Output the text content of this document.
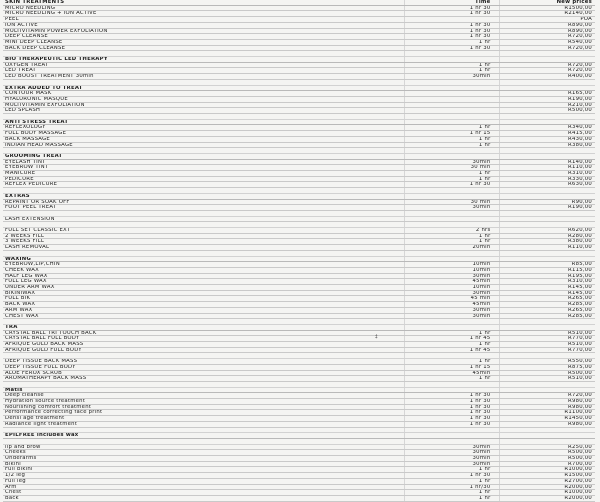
SKIN TREATMENTS	Time	New prices
MICRO NEEDLING	1 hr 30	R1500,00
MICRO NEEDLING + ION ACTIVE	1 hr 30	R2140,00
PEEL		POA
ION ACTIVE	1 hr 30	R890,00
MULTIVITAMIN POWER EXFOLIATION	1 hr 30	R890,00
DEEP CLEANSE	1 hr 30	R720,00
MINI DEEP CLEANSE	1 hr	R540,00
BACK DEEP CLEANSE	1 hr 30	R720,00

BIO THERAPEUTIC LED THERAPY		
OXYGEN TREAT	1 hr	R720,00
LED TREAT	1 hr	R720,00
LED BOOST TREATMENT 30min	30min	R400,00

EXTRA ADDED TO TREAT		
CONTOUR MASK		R165,00
HYALURONIC MASQUE		R190,00
MULTIVITAMIN EXFOLIATION		R210,00
LED SPLASH		R500,00

ANTI STRESS TREAT		
REFLEXOLOGY	1 hr	R340,00
FULL BODY MASSAGE	1 hr 15	R415,00
BACK MASSAGE	1 hr	R430,00
INDIAN HEAD MASSAGE	1 hr	R380,00

GROOMING TREAT		
EYELASH TINT	30min	R140,00
EYEBROW TINT	30 min	R110,00
MANICURE	1 hr	R310,00
PEDICURE	1 hr	R330,00
REFLEX PEDICURE	1 hr 30	R630,00

EXTRAS		
REPAINT OR SOAK OFF	30 min	R90,00
FOOT PEEL TREAT	30min	R190,00

LASH EXTENSION		

FULL SET CLASSIC EXT	2 hrs	R620,00
2 WEEKS FILL	1 hr	R280,00
3 WEEKS FILL	1 hr	R380,00
LASH REMOVAL	20min	R110,00

WAXING		
EYEBROW,LIP,CHIN	10min	R85,00
CHEEK WAX	10min	R115,00
HALF LEG WAX	30min	R195,00
FULL LEG WAX	45min	R310,00
UNDER ARM WAX	10min	R145,00
BIKINIWAX	30min	R145,00
FULL BIK	45 min	R265,00
BACK WAX	45min	R285,00
ARM WAX	30min	R265,00
CHEST WAX	30min	R285,00

TRA		
CRYSTAL BALL TRI TOUCH BACK	1 hr	R510,00
CRYSTAL BALL FULL BODY	1 hr 45	R770,00
AFRIQUE GOLD BACK MASS	1 hr	R510,00
AFRIQUE GOLD FULL BODY	1 hr 45	R770,00

DEEP TISSUE BACK MASS	1 hr	R550,00
DEEP TISSUE FULL BODY	1 hr 15	R875,00
ALOE FEROX SCRUB	45min	R500,00
AROMATHERAPY BACK MASS	1 hr	R510,00

Matis		
Deep cleanse	1 hr 30	R720,00
Hydration source treatment	1 hr 30	R980,00
Nourishing comfort treatment	1 hr 30	R980,00
Performance correcting face print	1 hr 30	R1100,00
Densi age treatment	1 hr 30	R1450,00
Radiance light treatment	1 hr 30	R980,00

EPILFREE includes wax		

lip and brow	30min	R250,00
Cheeks	30min	R500,00
Underarms	30min	R500,00
Bikini	30min	R700,00
Full bikini	1 hr	R1000,00
1/2 leg	1 hr 30	R1500,00
Full leg	1 hr	R2700,00
Arm	1 hr/30	R2000,00
Chest	1 hr	R1000,00
Back	1 hr	R2000,00
‡
